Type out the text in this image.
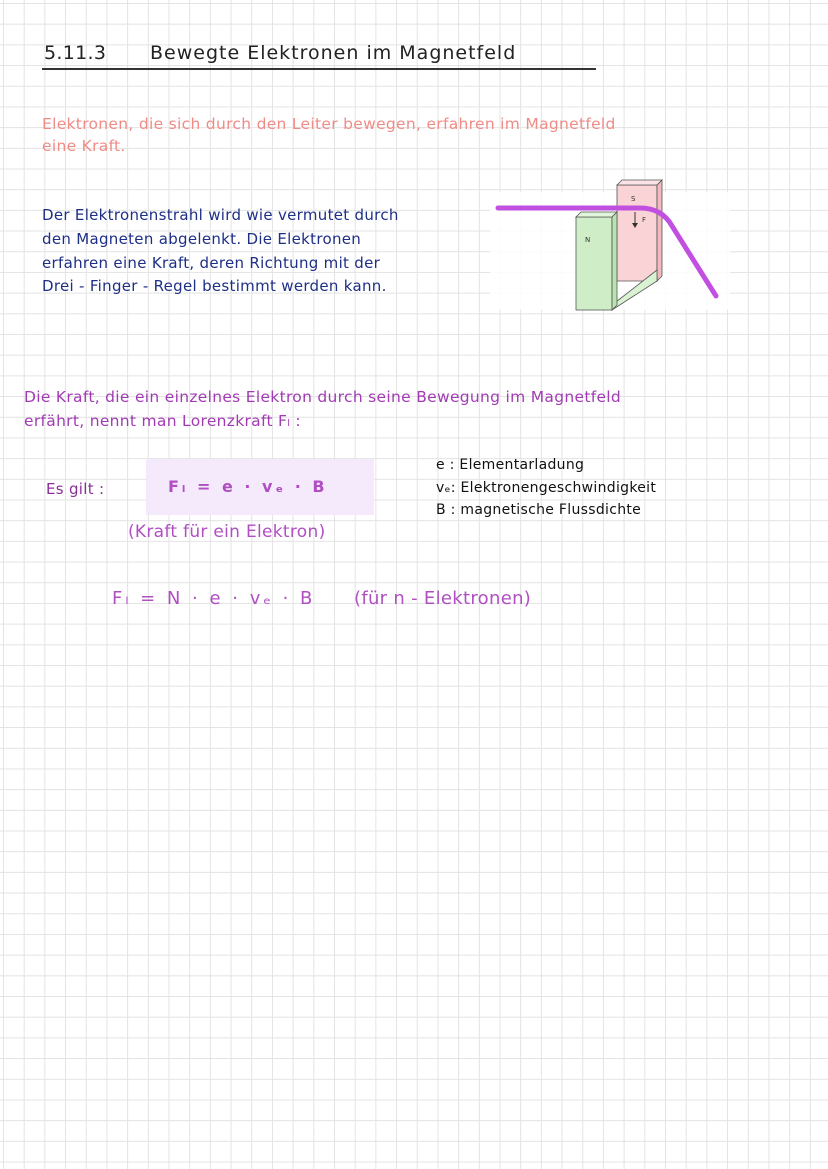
5.11.3 Bewegte Elektronen im Magnetfeld
Elektronen, die sich durch den Leiter bewegen, erfahren im Magnetfeld
eine Kraft.
Der Elektronenstrahl wird wie vermutet durch
den Magneten abgelenkt. Die Elektronen
erfahren eine Kraft, deren Richtung mit der
Drei - Finger - Regel bestimmt werden kann.
F
S
N
Die Kraft, die ein einzelnes Elektron durch seine Bewegung im Magnetfeld
erfährt, nennt man Lorenzkraft Fₗ :
Es gilt :	Fₗ = e · vₑ · B
(Kraft für ein Elektron)
e : Elementarladung
vₑ: Elektronengeschwindigkeit
B : magnetische Flussdichte
Fₗ = N · e · vₑ · B (für n - Elektronen)
